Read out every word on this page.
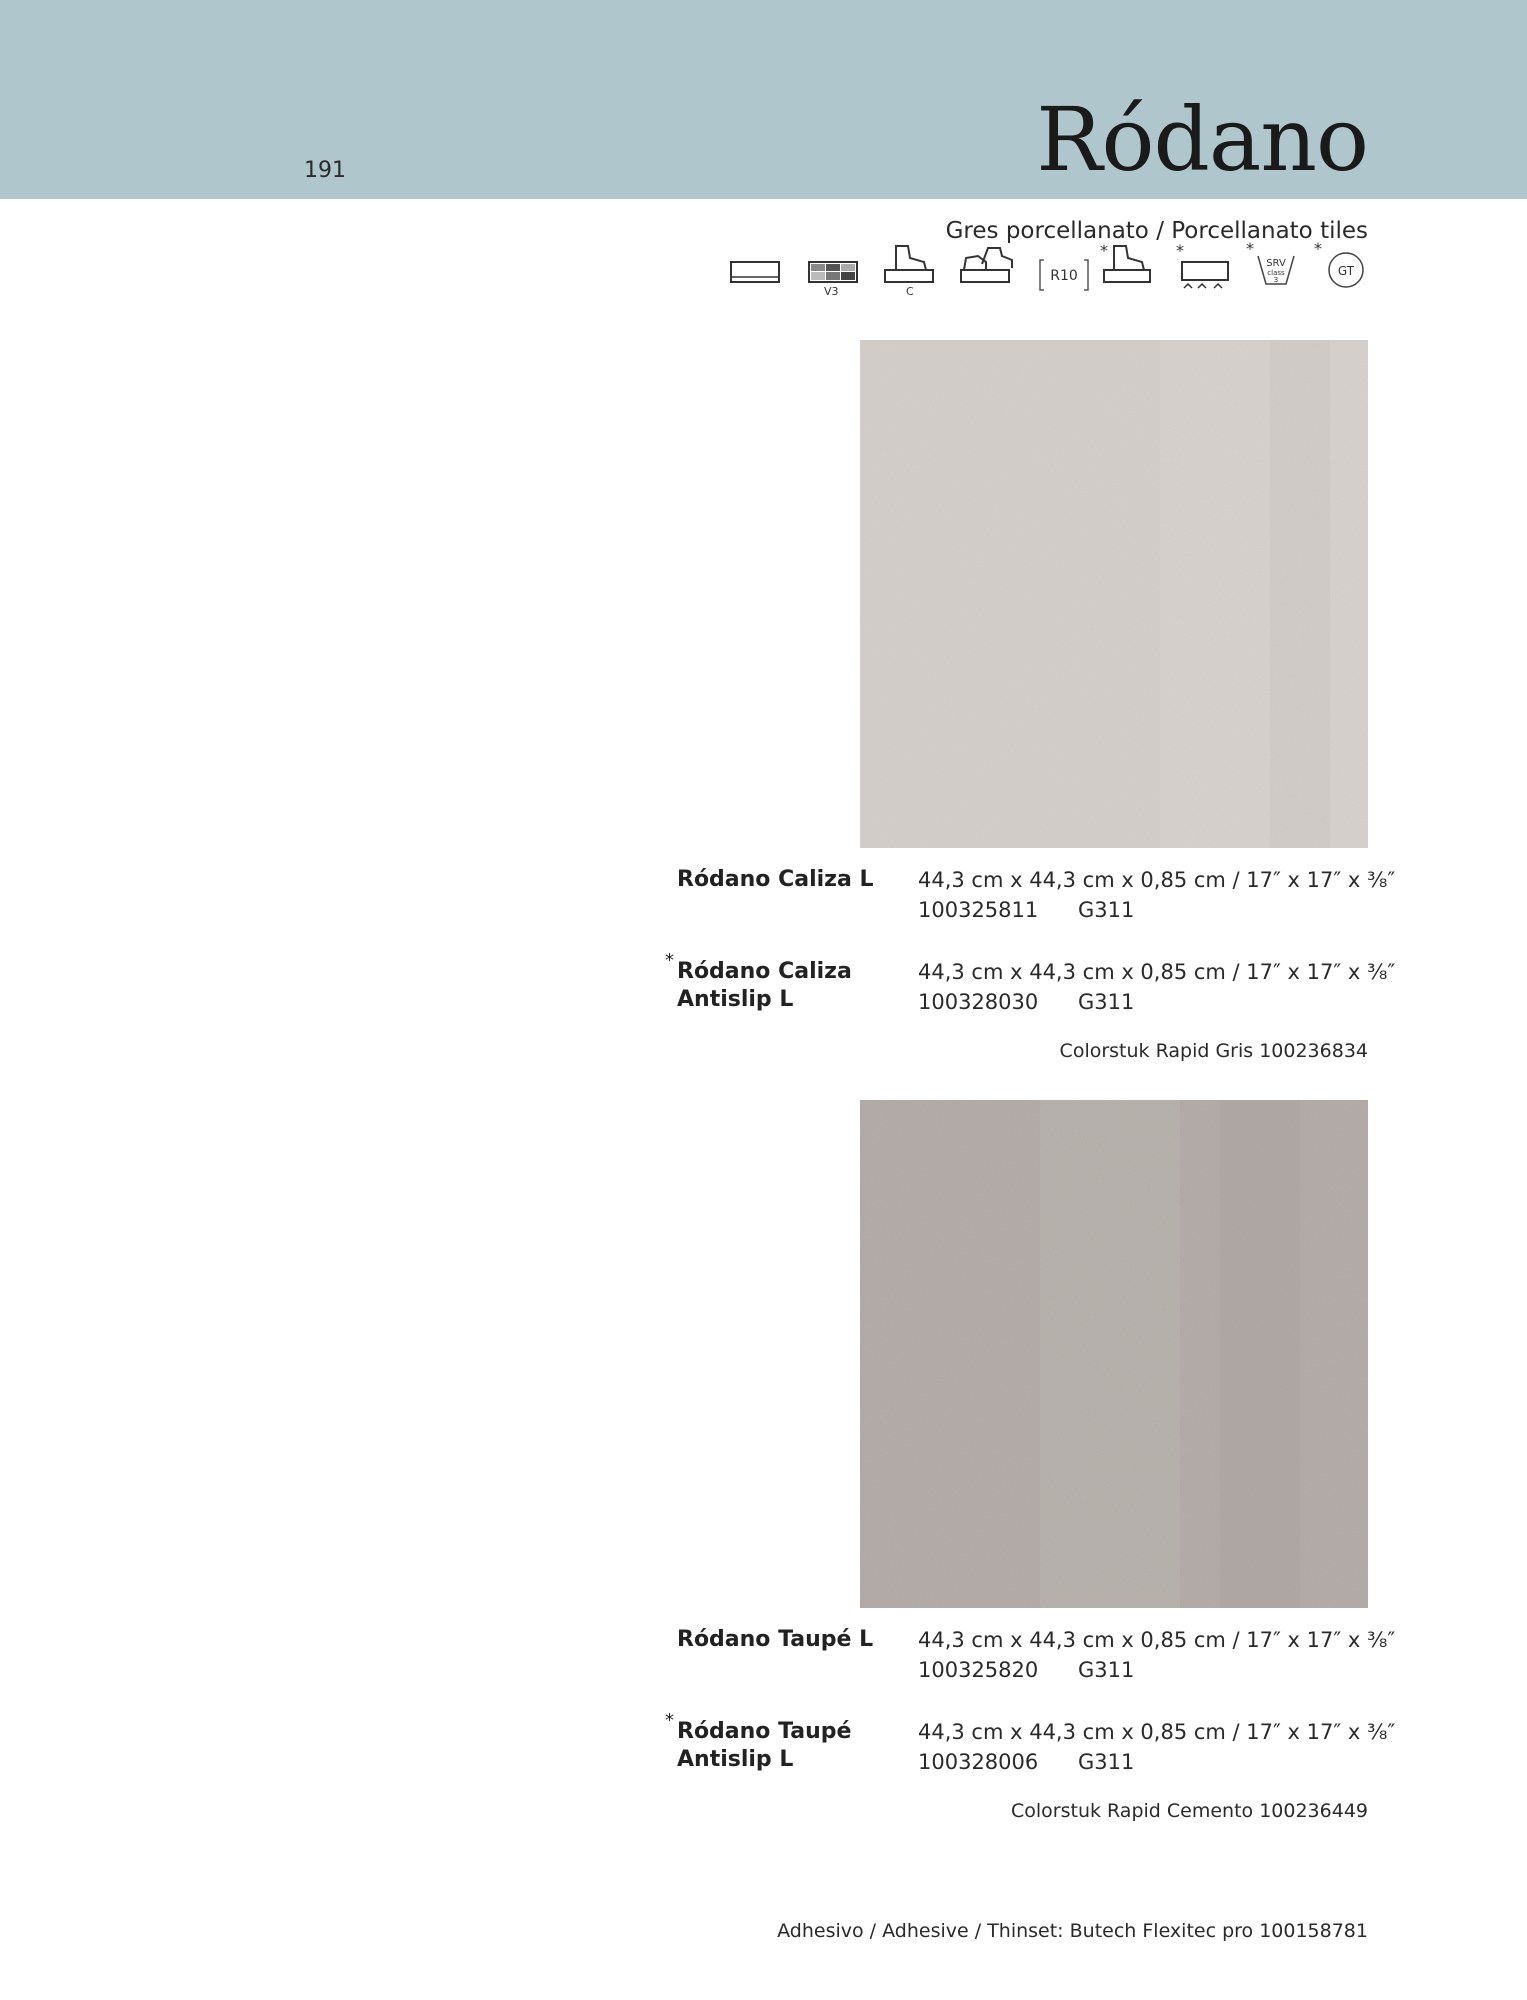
191	Ródano
Gres porcellanato / Porcellanato tiles
V3	C
R10
*	*	*
SRV
class
3
*
GT
Ródano Caliza L 44,3 cm x 44,3 cm x 0,85 cm / 17″ x 17″ x ³⁄₈″
100325811 G311
* Ródano Caliza
Antislip L
44,3 cm x 44,3 cm x 0,85 cm / 17″ x 17″ x ³⁄₈″
100328030 G311
Colorstuk Rapid Gris 100236834
Ródano Taupé L 44,3 cm x 44,3 cm x 0,85 cm / 17″ x 17″ x ³⁄₈″
100325820 G311
* Ródano Taupé
Antislip L
44,3 cm x 44,3 cm x 0,85 cm / 17″ x 17″ x ³⁄₈″
100328006 G311
Colorstuk Rapid Cemento 100236449
Adhesivo / Adhesive / Thinset: Butech Flexitec pro 100158781
